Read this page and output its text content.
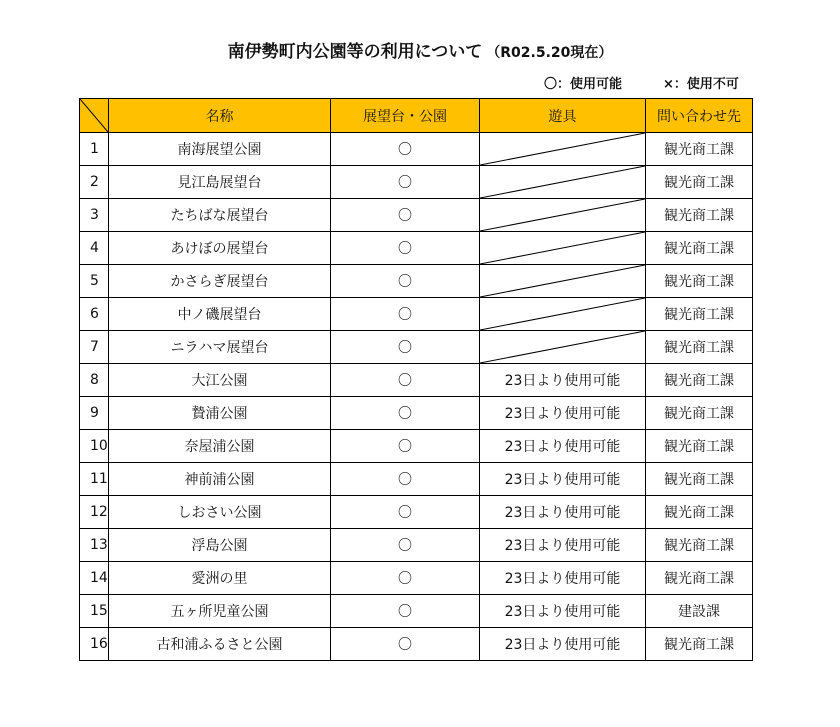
南伊勢町内公園等の利用について （R02.5.20現在）
〇：使用可能	×：使用不可
	名称	展望台・公園	遊具	問い合わせ先
1	南海展望公園	〇		観光商工課
2	見江島展望台	〇		観光商工課
3	たちばな展望台	〇		観光商工課
4	あけぼの展望台	〇		観光商工課
5	かさらぎ展望台	〇		観光商工課
6	中ノ磯展望台	〇		観光商工課
7	ニラハマ展望台	〇		観光商工課
8	大江公園	〇	23日より使用可能	観光商工課
9	贄浦公園	〇	23日より使用可能	観光商工課
10	奈屋浦公園	〇	23日より使用可能	観光商工課
11	神前浦公園	〇	23日より使用可能	観光商工課
12	しおさい公園	〇	23日より使用可能	観光商工課
13	浮島公園	〇	23日より使用可能	観光商工課
14	愛洲の里	〇	23日より使用可能	観光商工課
15	五ヶ所児童公園	〇	23日より使用可能	建設課
16	古和浦ふるさと公園	〇	23日より使用可能	観光商工課
